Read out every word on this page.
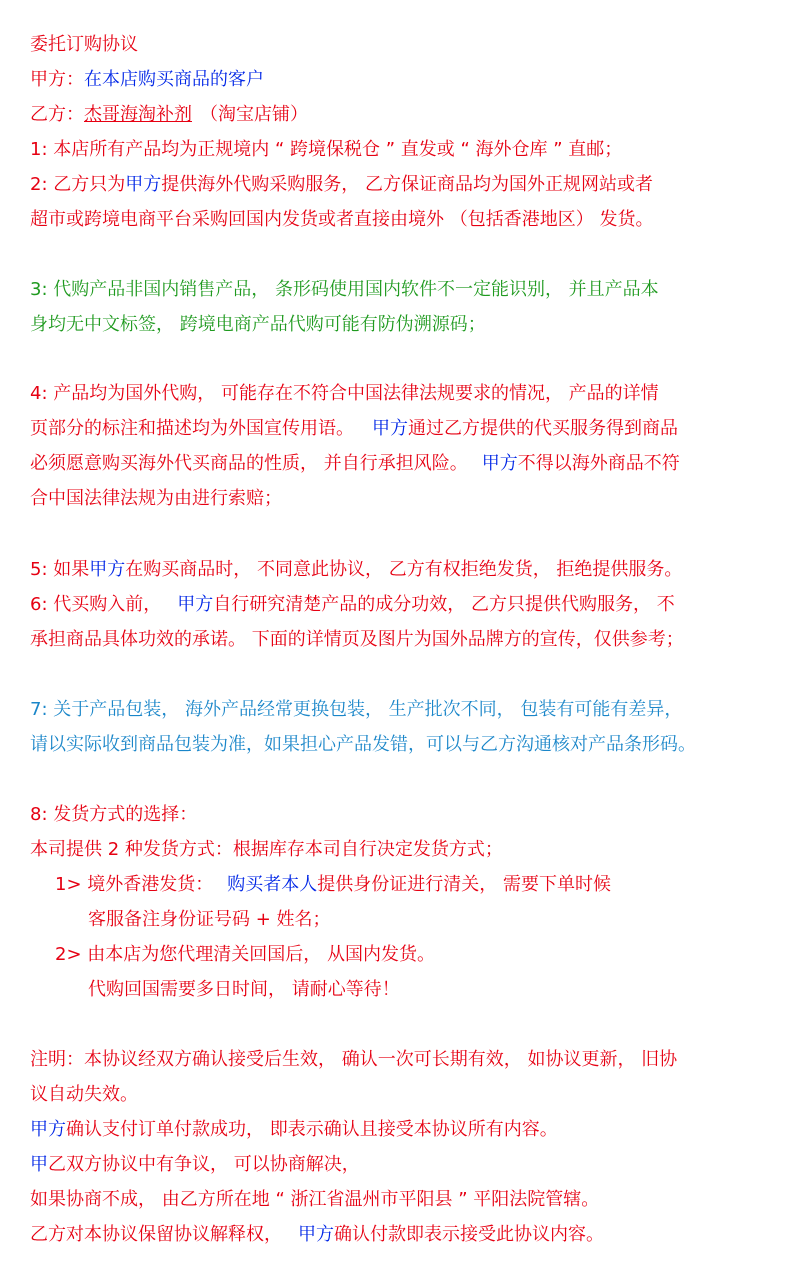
委托订购协议
甲方：在本店购买商品的客户
乙方：杰哥海淘补剂 （淘宝店铺）
1: 本店所有产品均为正规境内 “ 跨境保税仓 ” 直发或 “ 海外仓库 ” 直邮；
2: 乙方只为甲方提供海外代购采购服务， 乙方保证商品均为国外正规网站或者
超市或跨境电商平台采购回国内发货或者直接由境外 （包括香港地区） 发货。
3: 代购产品非国内销售产品， 条形码使用国内软件不一定能识别， 并且产品本
身均无中文标签， 跨境电商产品代购可能有防伪溯源码；
4: 产品均为国外代购， 可能存在不符合中国法律法规要求的情况， 产品的详情
页部分的标注和描述均为外国宣传用语。 甲方通过乙方提供的代买服务得到商品
必须愿意购买海外代买商品的性质， 并自行承担风险。 甲方不得以海外商品不符
合中国法律法规为由进行索赔；
5: 如果甲方在购买商品时， 不同意此协议， 乙方有权拒绝发货， 拒绝提供服务。
6: 代买购入前， 甲方自行研究清楚产品的成分功效， 乙方只提供代购服务， 不
承担商品具体功效的承诺。 下面的详情页及图片为国外品牌方的宣传，仅供参考；
7: 关于产品包装， 海外产品经常更换包装， 生产批次不同， 包装有可能有差异，
请以实际收到商品包装为准，如果担心产品发错，可以与乙方沟通核对产品条形码。
8: 发货方式的选择：
本司提供 2 种发货方式：根据库存本司自行决定发货方式；
1> 境外香港发货： 购买者本人提供身份证进行清关， 需要下单时候
客服备注身份证号码 + 姓名；
2> 由本店为您代理清关回国后， 从国内发货。
代购回国需要多日时间， 请耐心等待！
注明：本协议经双方确认接受后生效， 确认一次可长期有效， 如协议更新， 旧协
议自动失效。
甲方确认支付订单付款成功， 即表示确认且接受本协议所有内容。
甲乙双方协议中有争议， 可以协商解决，
如果协商不成， 由乙方所在地 “ 浙江省温州市平阳县 ” 平阳法院管辖。
乙方对本协议保留协议解释权， 甲方确认付款即表示接受此协议内容。
